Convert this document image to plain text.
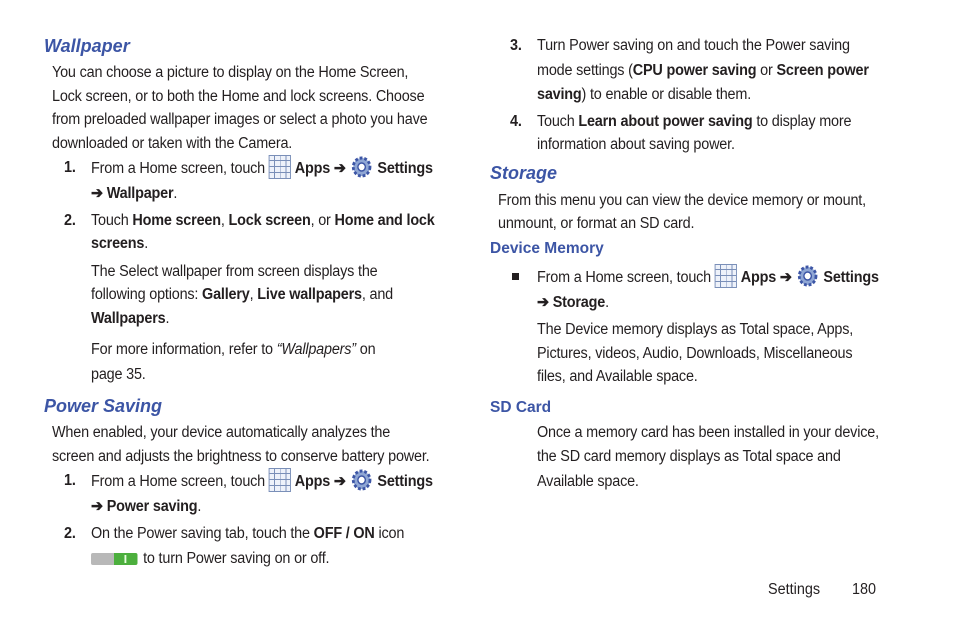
Wallpaper
You can choose a picture to display on the Home Screen,
Lock screen, or to both the Home and lock screens. Choose
from preloaded wallpaper images or select a photo you have
downloaded or taken with the Camera.
1. From a Home screen, touch Apps ➔ Settings
➔ Wallpaper.
2. Touch Home screen, Lock screen, or Home and lock
screens.
The Select wallpaper from screen displays the
following options: Gallery, Live wallpapers, and
Wallpapers.
For more information, refer to “Wallpapers” on
page 35.
Power Saving
When enabled, your device automatically analyzes the
screen and adjusts the brightness to conserve battery power.
1. From a Home screen, touch Apps ➔ Settings
➔ Power saving.
2. On the Power saving tab, touch the OFF / ON icon
to turn Power saving on or off.
3. Turn Power saving on and touch the Power saving
mode settings (CPU power saving or Screen power
saving) to enable or disable them.
4. Touch Learn about power saving to display more
information about saving power.
Storage
From this menu you can view the device memory or mount,
unmount, or format an SD card.
Device Memory
From a Home screen, touch Apps ➔ Settings
➔ Storage.
The Device memory displays as Total space, Apps,
Pictures, videos, Audio, Downloads, Miscellaneous
files, and Available space.
SD Card
Once a memory card has been installed in your device,
the SD card memory displays as Total space and
Available space.
Settings 180
